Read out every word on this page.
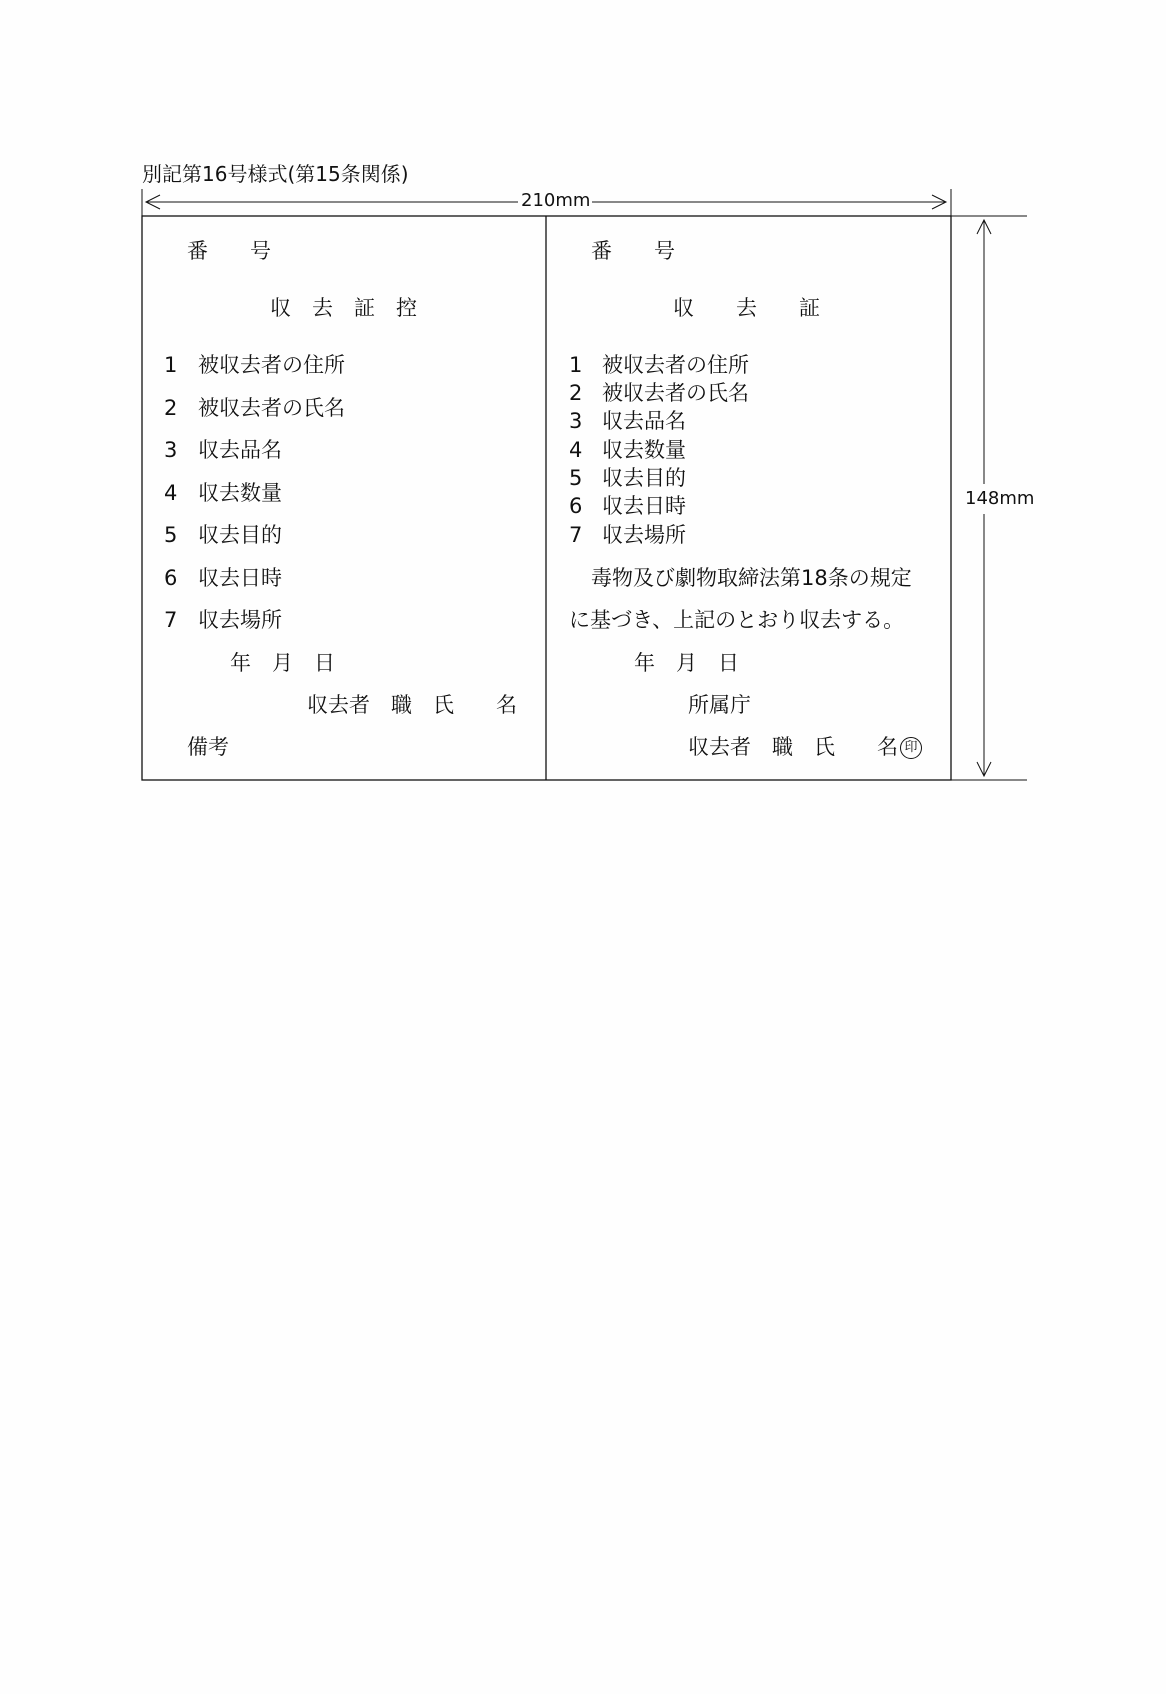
別記第16号様式(第15条関係)
210mm
148mm
番　　号
収　去　証　控
1 被収去者の住所
2 被収去者の氏名
3 収去品名
4 収去数量
5 収去目的
6 収去日時
7 収去場所
年　月　日
収去者　職　氏　　名
備考
番　　号
収　　去　　証
1 被収去者の住所
2 被収去者の氏名
3 収去品名
4 収去数量
5 収去目的
6 収去日時
7 収去場所
毒物及び劇物取締法第18条の規定
に基づき、上記のとおり収去する。
年　月　日
所属庁
収去者　職　氏　　名 印
